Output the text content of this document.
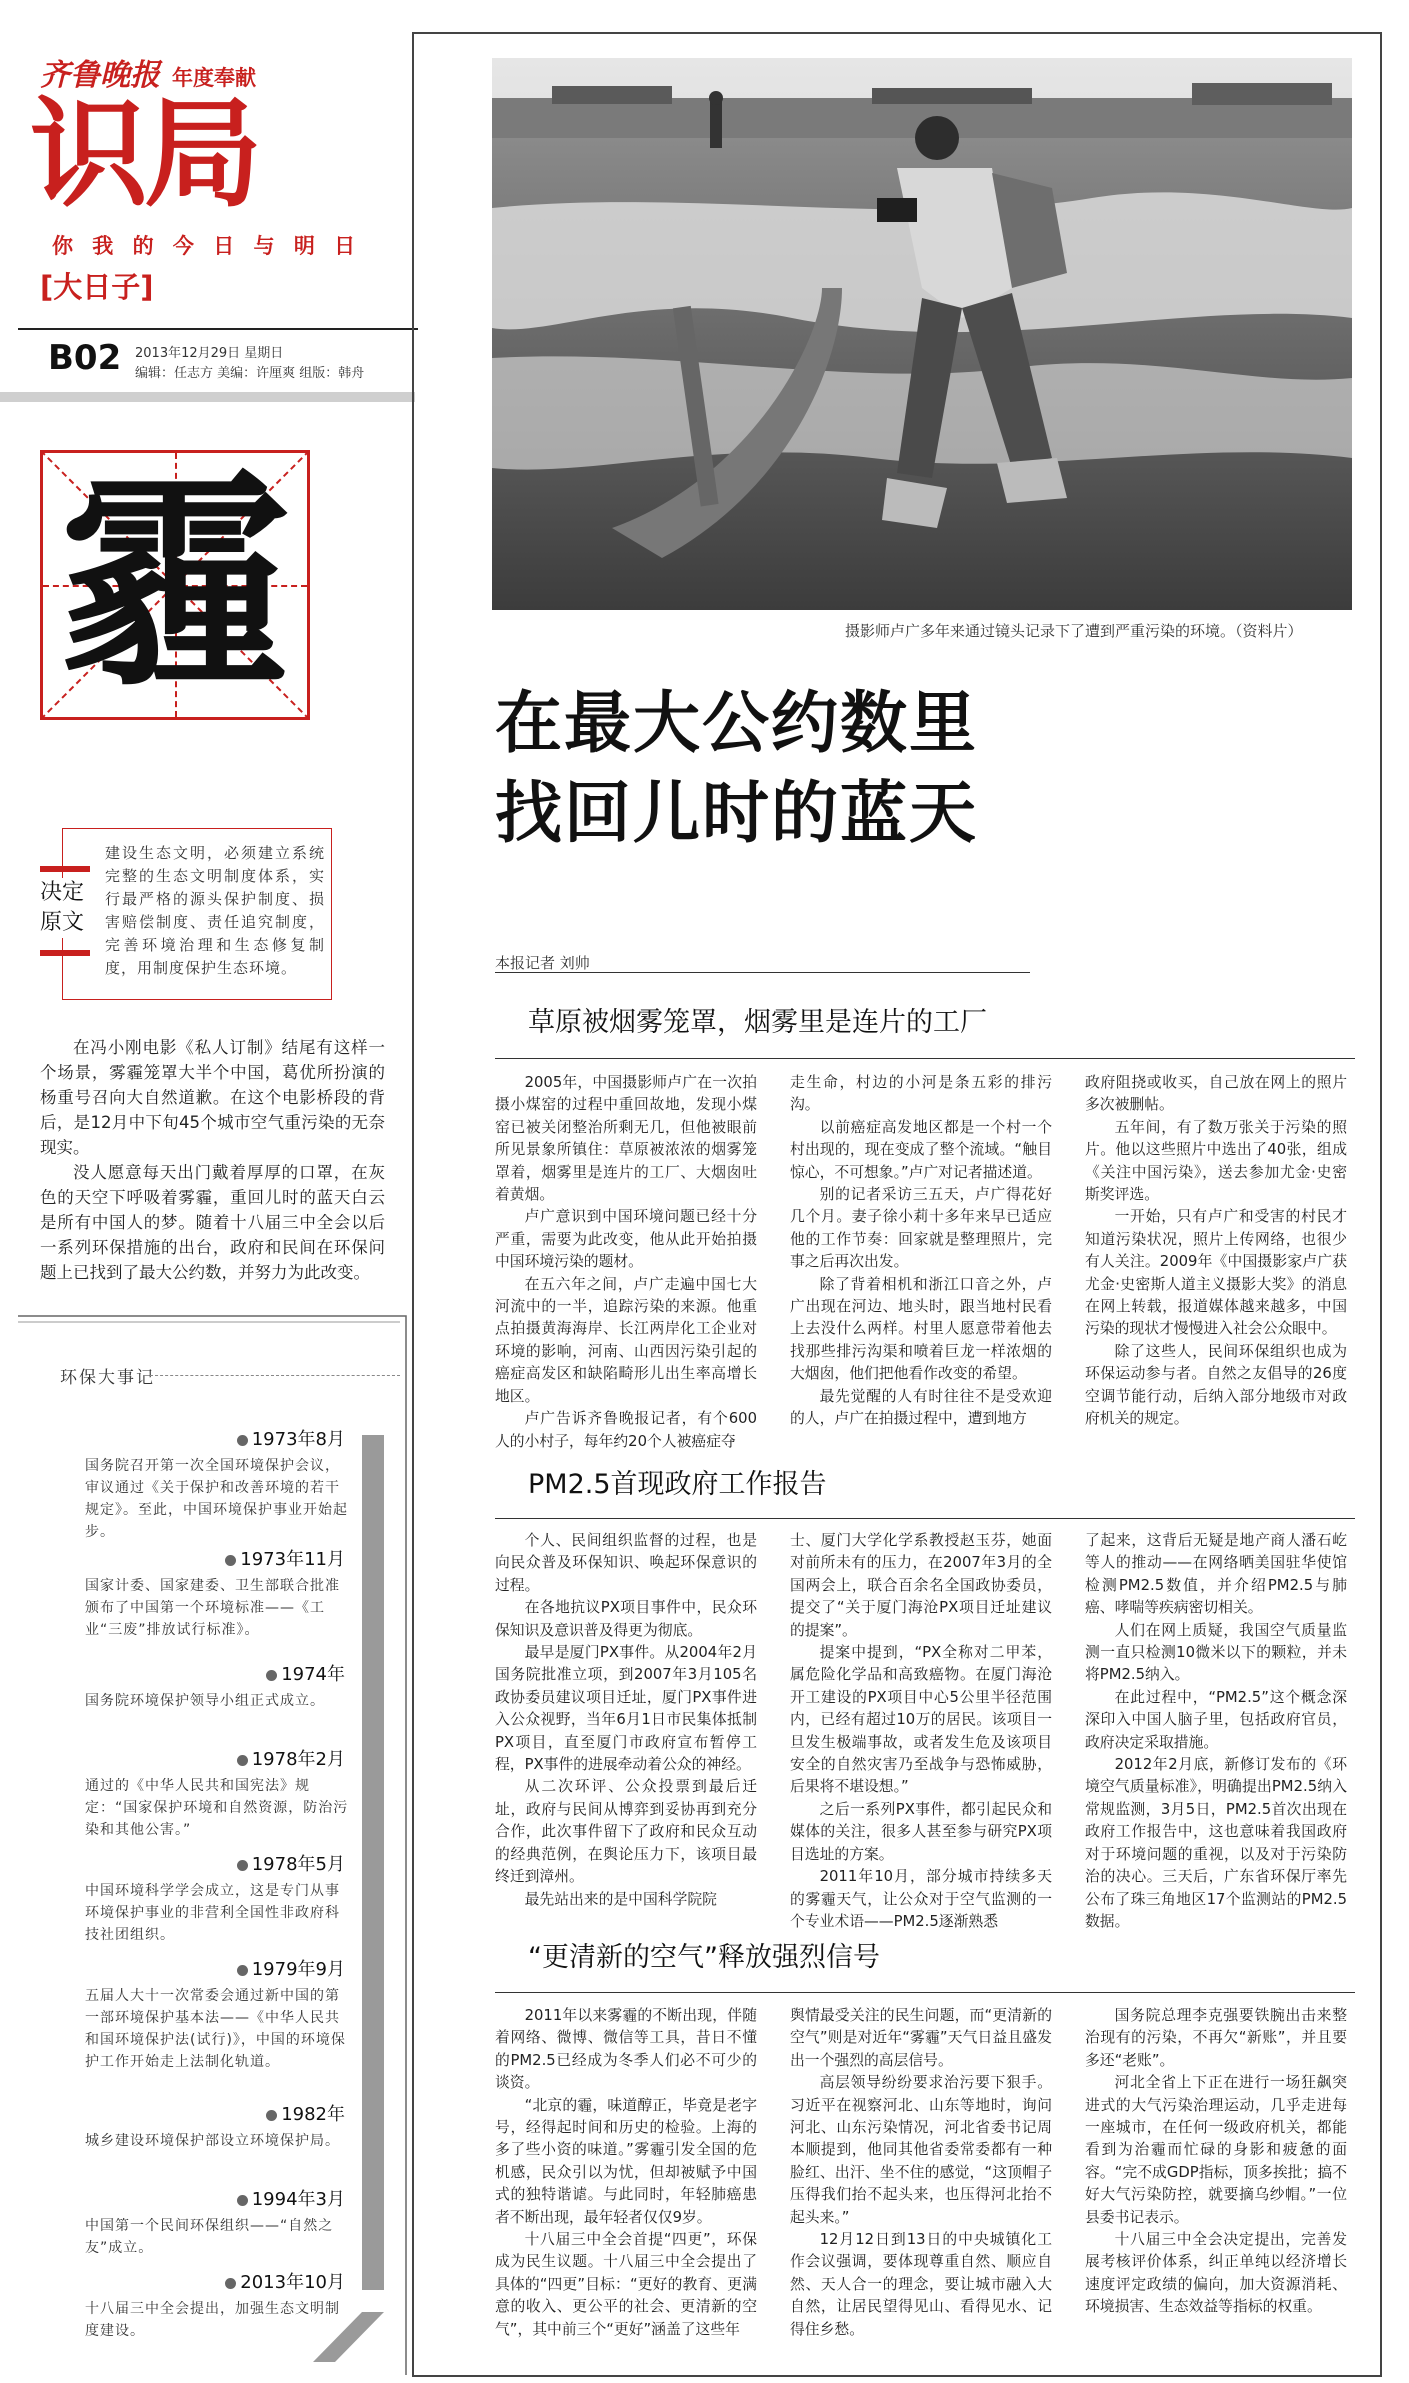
齐鲁晚报 年度奉献
识局
你 我 的 今 日 与 明 日
[大日子]
B02 2013年12月29日 星期日
编辑：任志方 美编：许厘爽 组版：韩舟
霾
决定
原文
建设生态文明，必须建立系统完整的生态文明制度体系，实行最严格的源头保护制度、损害赔偿制度、责任追究制度，完善环境治理和生态修复制度，用制度保护生态环境。

在冯小刚电影《私人订制》结尾有这样一个场景，雾霾笼罩大半个中国，葛优所扮演的杨重号召向大自然道歉。在这个电影桥段的背后，是12月中下旬45个城市空气重污染的无奈现实。

没人愿意每天出门戴着厚厚的口罩，在灰色的天空下呼吸着雾霾，重回儿时的蓝天白云是所有中国人的梦。随着十八届三中全会以后一系列环保措施的出台，政府和民间在环保问题上已找到了最大公约数，并努力为此改变。

环保大事记
1973年8月
国务院召开第一次全国环境保护会议，审议通过《关于保护和改善环境的若干规定》。至此，中国环境保护事业开始起步。
1973年11月
国家计委、国家建委、卫生部联合批准颁布了中国第一个环境标准——《工业“三废”排放试行标准》。
1974年
国务院环境保护领导小组正式成立。
1978年2月
通过的《中华人民共和国宪法》规定：“国家保护环境和自然资源，防治污染和其他公害。”
1978年5月
中国环境科学学会成立，这是专门从事环境保护事业的非营利全国性非政府科技社团组织。
1979年9月
五届人大十一次常委会通过新中国的第一部环境保护基本法——《中华人民共和国环境保护法(试行)》，中国的环境保护工作开始走上法制化轨道。
1982年
城乡建设环境保护部设立环境保护局。
1994年3月
中国第一个民间环保组织——“自然之友”成立。
2013年10月
十八届三中全会提出，加强生态文明制度建设。
摄影师卢广多年来通过镜头记录下了遭到严重污染的环境。（资料片）
在最大公约数里
找回儿时的蓝天
本报记者 刘帅
草原被烟雾笼罩，烟雾里是连片的工厂

2005年，中国摄影师卢广在一次拍摄小煤窑的过程中重回故地，发现小煤窑已被关闭整治所剩无几，但他被眼前所见景象所镇住：草原被浓浓的烟雾笼罩着，烟雾里是连片的工厂、大烟囱吐着黄烟。

卢广意识到中国环境问题已经十分严重，需要为此改变，他从此开始拍摄中国环境污染的题材。

在五六年之间，卢广走遍中国七大河流中的一半，追踪污染的来源。他重点拍摄黄海海岸、长江两岸化工企业对环境的影响，河南、山西因污染引起的癌症高发区和缺陷畸形儿出生率高增长地区。

卢广告诉齐鲁晚报记者，有个600人的小村子，每年约20个人被癌症夺

走生命，村边的小河是条五彩的排污沟。

以前癌症高发地区都是一个村一个村出现的，现在变成了整个流域。“触目惊心，不可想象。”卢广对记者描述道。

别的记者采访三五天，卢广得花好几个月。妻子徐小莉十多年来早已适应他的工作节奏：回家就是整理照片，完事之后再次出发。

除了背着相机和浙江口音之外，卢广出现在河边、地头时，跟当地村民看上去没什么两样。村里人愿意带着他去找那些排污沟渠和喷着巨龙一样浓烟的大烟囱，他们把他看作改变的希望。

最先觉醒的人有时往往不是受欢迎的人，卢广在拍摄过程中，遭到地方

政府阻挠或收买，自己放在网上的照片多次被删帖。

五年间，有了数万张关于污染的照片。他以这些照片中选出了40张，组成《关注中国污染》，送去参加尤金·史密斯奖评选。

一开始，只有卢广和受害的村民才知道污染状况，照片上传网络，也很少有人关注。2009年《中国摄影家卢广获尤金·史密斯人道主义摄影大奖》的消息在网上转载，报道媒体越来越多，中国污染的现状才慢慢进入社会公众眼中。

除了这些人，民间环保组织也成为环保运动参与者。自然之友倡导的26度空调节能行动，后纳入部分地级市对政府机关的规定。

PM2.5首现政府工作报告

个人、民间组织监督的过程，也是向民众普及环保知识、唤起环保意识的过程。

在各地抗议PX项目事件中，民众环保知识及意识普及得更为彻底。

最早是厦门PX事件。从2004年2月国务院批准立项，到2007年3月105名政协委员建议项目迁址，厦门PX事件进入公众视野，当年6月1日市民集体抵制PX项目，直至厦门市政府宣布暂停工程，PX事件的进展牵动着公众的神经。

从二次环评、公众投票到最后迁址，政府与民间从博弈到妥协再到充分合作，此次事件留下了政府和民众互动的经典范例，在舆论压力下，该项目最终迁到漳州。

最先站出来的是中国科学院院

士、厦门大学化学系教授赵玉芬，她面对前所未有的压力，在2007年3月的全国两会上，联合百余名全国政协委员，提交了“关于厦门海沧PX项目迁址建议的提案”。

提案中提到，“PX全称对二甲苯，属危险化学品和高致癌物。在厦门海沧开工建设的PX项目中心5公里半径范围内，已经有超过10万的居民。该项目一旦发生极端事故，或者发生危及该项目安全的自然灾害乃至战争与恐怖威胁，后果将不堪设想。”

之后一系列PX事件，都引起民众和媒体的关注，很多人甚至参与研究PX项目选址的方案。

2011年10月，部分城市持续多天的雾霾天气，让公众对于空气监测的一个专业术语——PM2.5逐渐熟悉

了起来，这背后无疑是地产商人潘石屹等人的推动——在网络晒美国驻华使馆检测PM2.5数值，并介绍PM2.5与肺癌、哮喘等疾病密切相关。

人们在网上质疑，我国空气质量监测一直只检测10微米以下的颗粒，并未将PM2.5纳入。

在此过程中，“PM2.5”这个概念深深印入中国人脑子里，包括政府官员，政府决定采取措施。

2012年2月底，新修订发布的《环境空气质量标准》，明确提出PM2.5纳入常规监测，3月5日，PM2.5首次出现在政府工作报告中，这也意味着我国政府对于环境问题的重视，以及对于污染防治的决心。三天后，广东省环保厅率先公布了珠三角地区17个监测站的PM2.5数据。

“更清新的空气”释放强烈信号

2011年以来雾霾的不断出现，伴随着网络、微博、微信等工具，昔日不懂的PM2.5已经成为冬季人们必不可少的谈资。

“北京的霾，味道醇正，毕竟是老字号，经得起时间和历史的检验。上海的多了些小资的味道。”雾霾引发全国的危机感，民众引以为忧，但却被赋予中国式的独特谐谑。与此同时，年轻肺癌患者不断出现，最年轻者仅仅9岁。

十八届三中全会首提“四更”，环保成为民生议题。十八届三中全会提出了具体的“四更”目标：“更好的教育、更满意的收入、更公平的社会、更清新的空气”，其中前三个“更好”涵盖了这些年

舆情最受关注的民生问题，而“更清新的空气”则是对近年“雾霾”天气日益且盛发出一个强烈的高层信号。

高层领导纷纷要求治污要下狠手。习近平在视察河北、山东等地时，询问河北、山东污染情况，河北省委书记周本顺提到，他同其他省委常委都有一种脸红、出汗、坐不住的感觉，“这顶帽子压得我们抬不起头来，也压得河北抬不起头来。”

12月12日到13日的中央城镇化工作会议强调，要体现尊重自然、顺应自然、天人合一的理念，要让城市融入大自然，让居民望得见山、看得见水、记得住乡愁。

国务院总理李克强要铁腕出击来整治现有的污染，不再欠“新账”，并且要多还“老账”。

河北全省上下正在进行一场狂飙突进式的大气污染治理运动，几乎走进每一座城市，在任何一级政府机关，都能看到为治霾而忙碌的身影和疲惫的面容。“完不成GDP指标，顶多挨批；搞不好大气污染防控，就要摘乌纱帽。”一位县委书记表示。

十八届三中全会决定提出，完善发展考核评价体系，纠正单纯以经济增长速度评定政绩的偏向，加大资源消耗、环境损害、生态效益等指标的权重。
